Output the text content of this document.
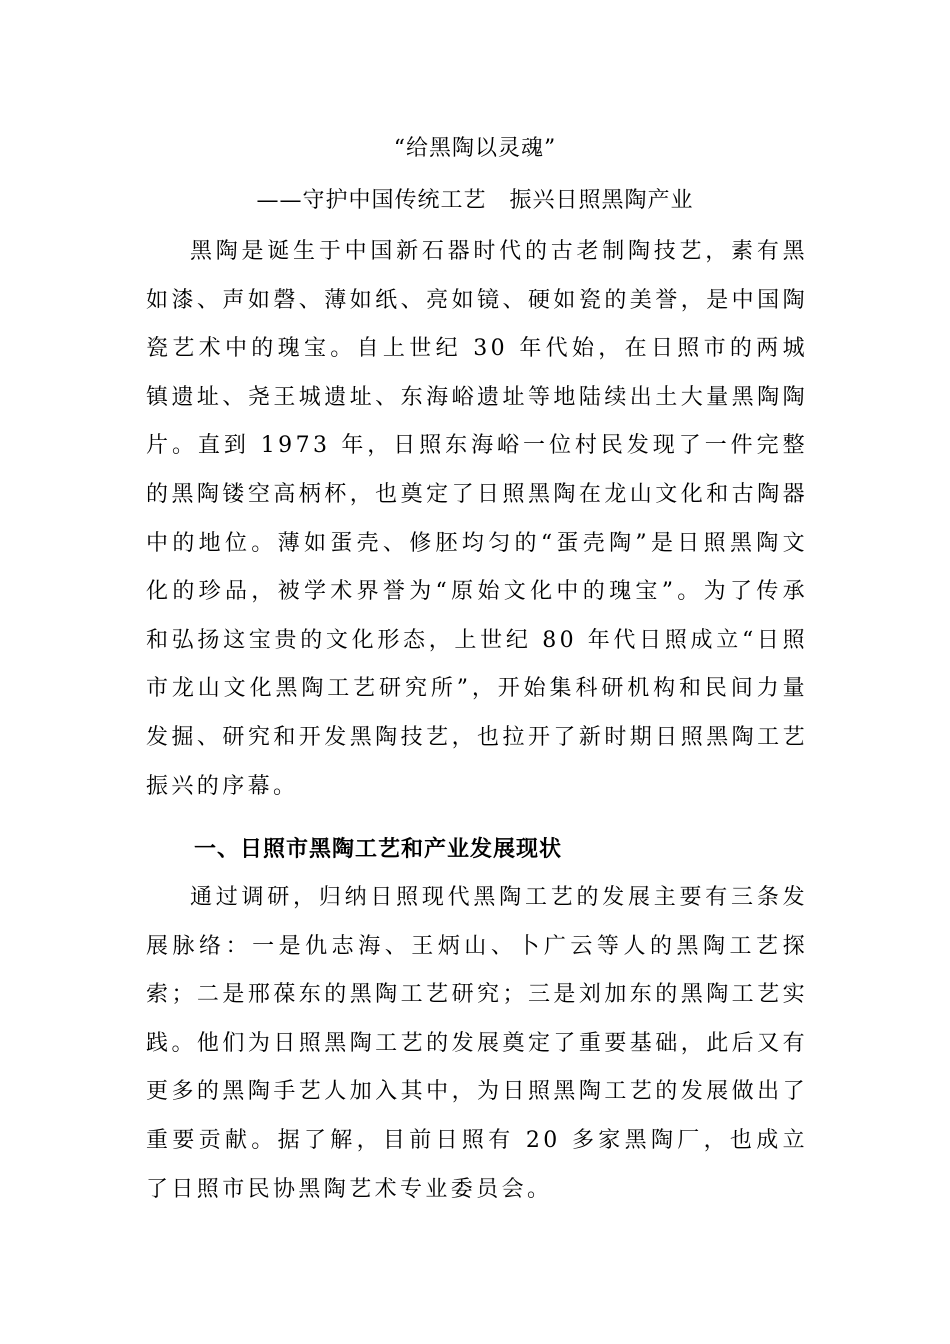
“给黑陶以灵魂”
——守护中国传统工艺　振兴日照黑陶产业

黑陶是诞生于中国新石器时代的古老制陶技艺，素有黑如漆、声如磬、薄如纸、亮如镜、硬如瓷的美誉，是中国陶瓷艺术中的瑰宝。自上世纪 30 年代始，在日照市的两城镇遗址、尧王城遗址、东海峪遗址等地陆续出土大量黑陶陶片。直到 1973 年，日照东海峪一位村民发现了一件完整的黑陶镂空高柄杯，也奠定了日照黑陶在龙山文化和古陶器中的地位。薄如蛋壳、修胚均匀的“蛋壳陶”是日照黑陶文化的珍品，被学术界誉为“原始文化中的瑰宝”。为了传承和弘扬这宝贵的文化形态，上世纪 80 年代日照成立“日照市龙山文化黑陶工艺研究所”，开始集科研机构和民间力量发掘、研究和开发黑陶技艺，也拉开了新时期日照黑陶工艺振兴的序幕。

一、日照市黑陶工艺和产业发展现状

通过调研，归纳日照现代黑陶工艺的发展主要有三条发展脉络：一是仇志海、王炳山、卜广云等人的黑陶工艺探索；二是邢葆东的黑陶工艺研究；三是刘加东的黑陶工艺实践。他们为日照黑陶工艺的发展奠定了重要基础，此后又有更多的黑陶手艺人加入其中，为日照黑陶工艺的发展做出了重要贡献。据了解，目前日照有 20 多家黑陶厂，也成立了日照市民协黑陶艺术专业委员会。
